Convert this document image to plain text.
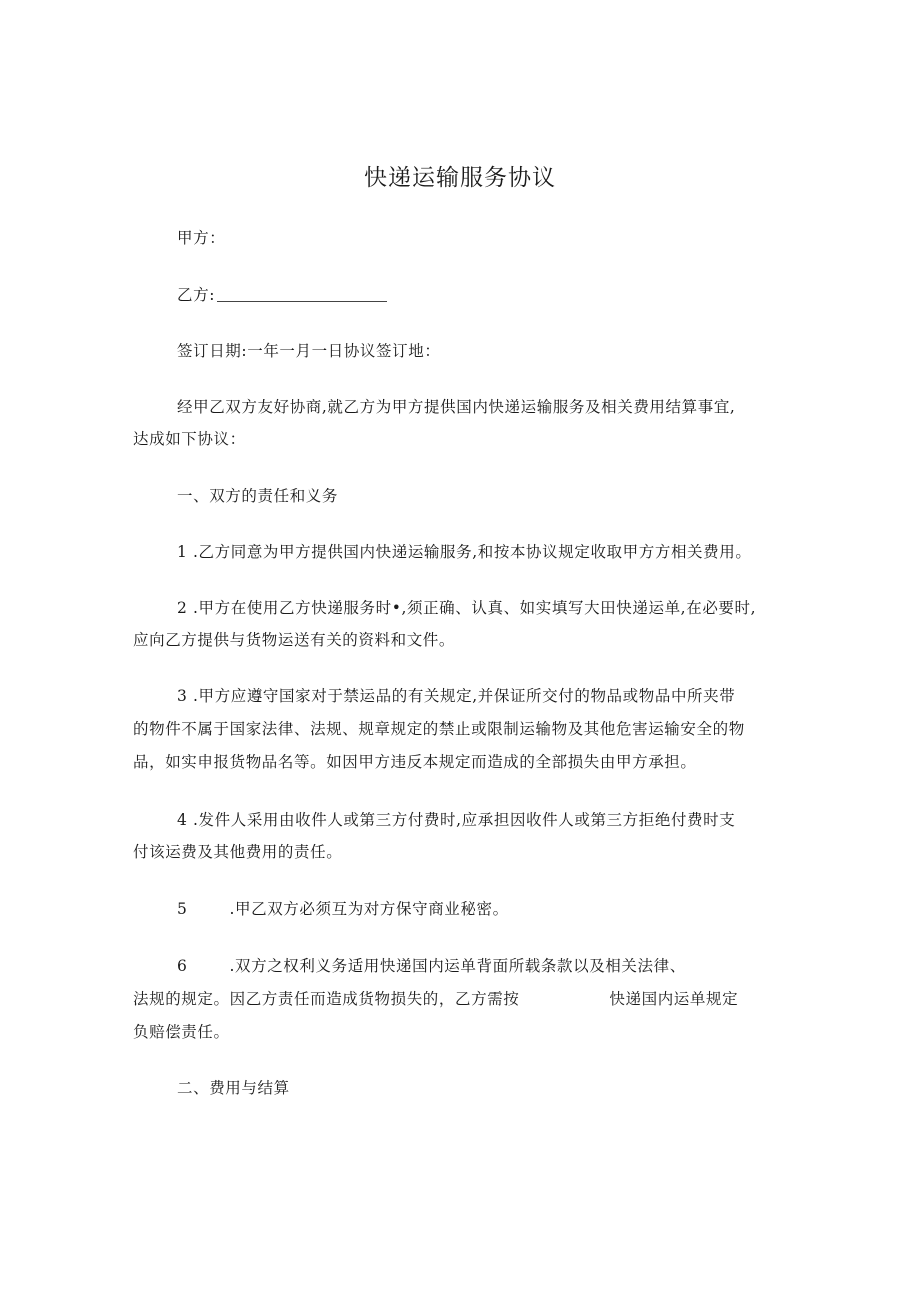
快递运输服务协议
甲方：
乙方:
签订日期:一年一月一日协议签订地：
经甲乙双方友好协商,就乙方为甲方提供国内快递运输服务及相关费用结算事宜,
达成如下协议：
一、双方的责任和义务
1 .乙方同意为甲方提供国内快递运输服务,和按本协议规定收取甲方方相关费用。
2 .甲方在使用乙方快递服务时•,须正确、认真、如实填写大田快递运单,在必要时,
应向乙方提供与货物运送有关的资料和文件。
3 .甲方应遵守国家对于禁运品的有关规定,并保证所交付的物品或物品中所夹带
的物件不属于国家法律、法规、规章规定的禁止或限制运输物及其他危害运输安全的物
品，如实申报货物品名等。如因甲方违反本规定而造成的全部损失由甲方承担。
4 .发件人采用由收件人或第三方付费时,应承担因收件人或第三方拒绝付费时支
付该运费及其他费用的责任。
5	.甲乙双方必须互为对方保守商业秘密。
6	.双方之权利义务适用快递国内运单背面所载条款以及相关法律、
法规的规定。因乙方责任而造成货物损失的，乙方需按	快递国内运单规定
负赔偿责任。
二、费用与结算
